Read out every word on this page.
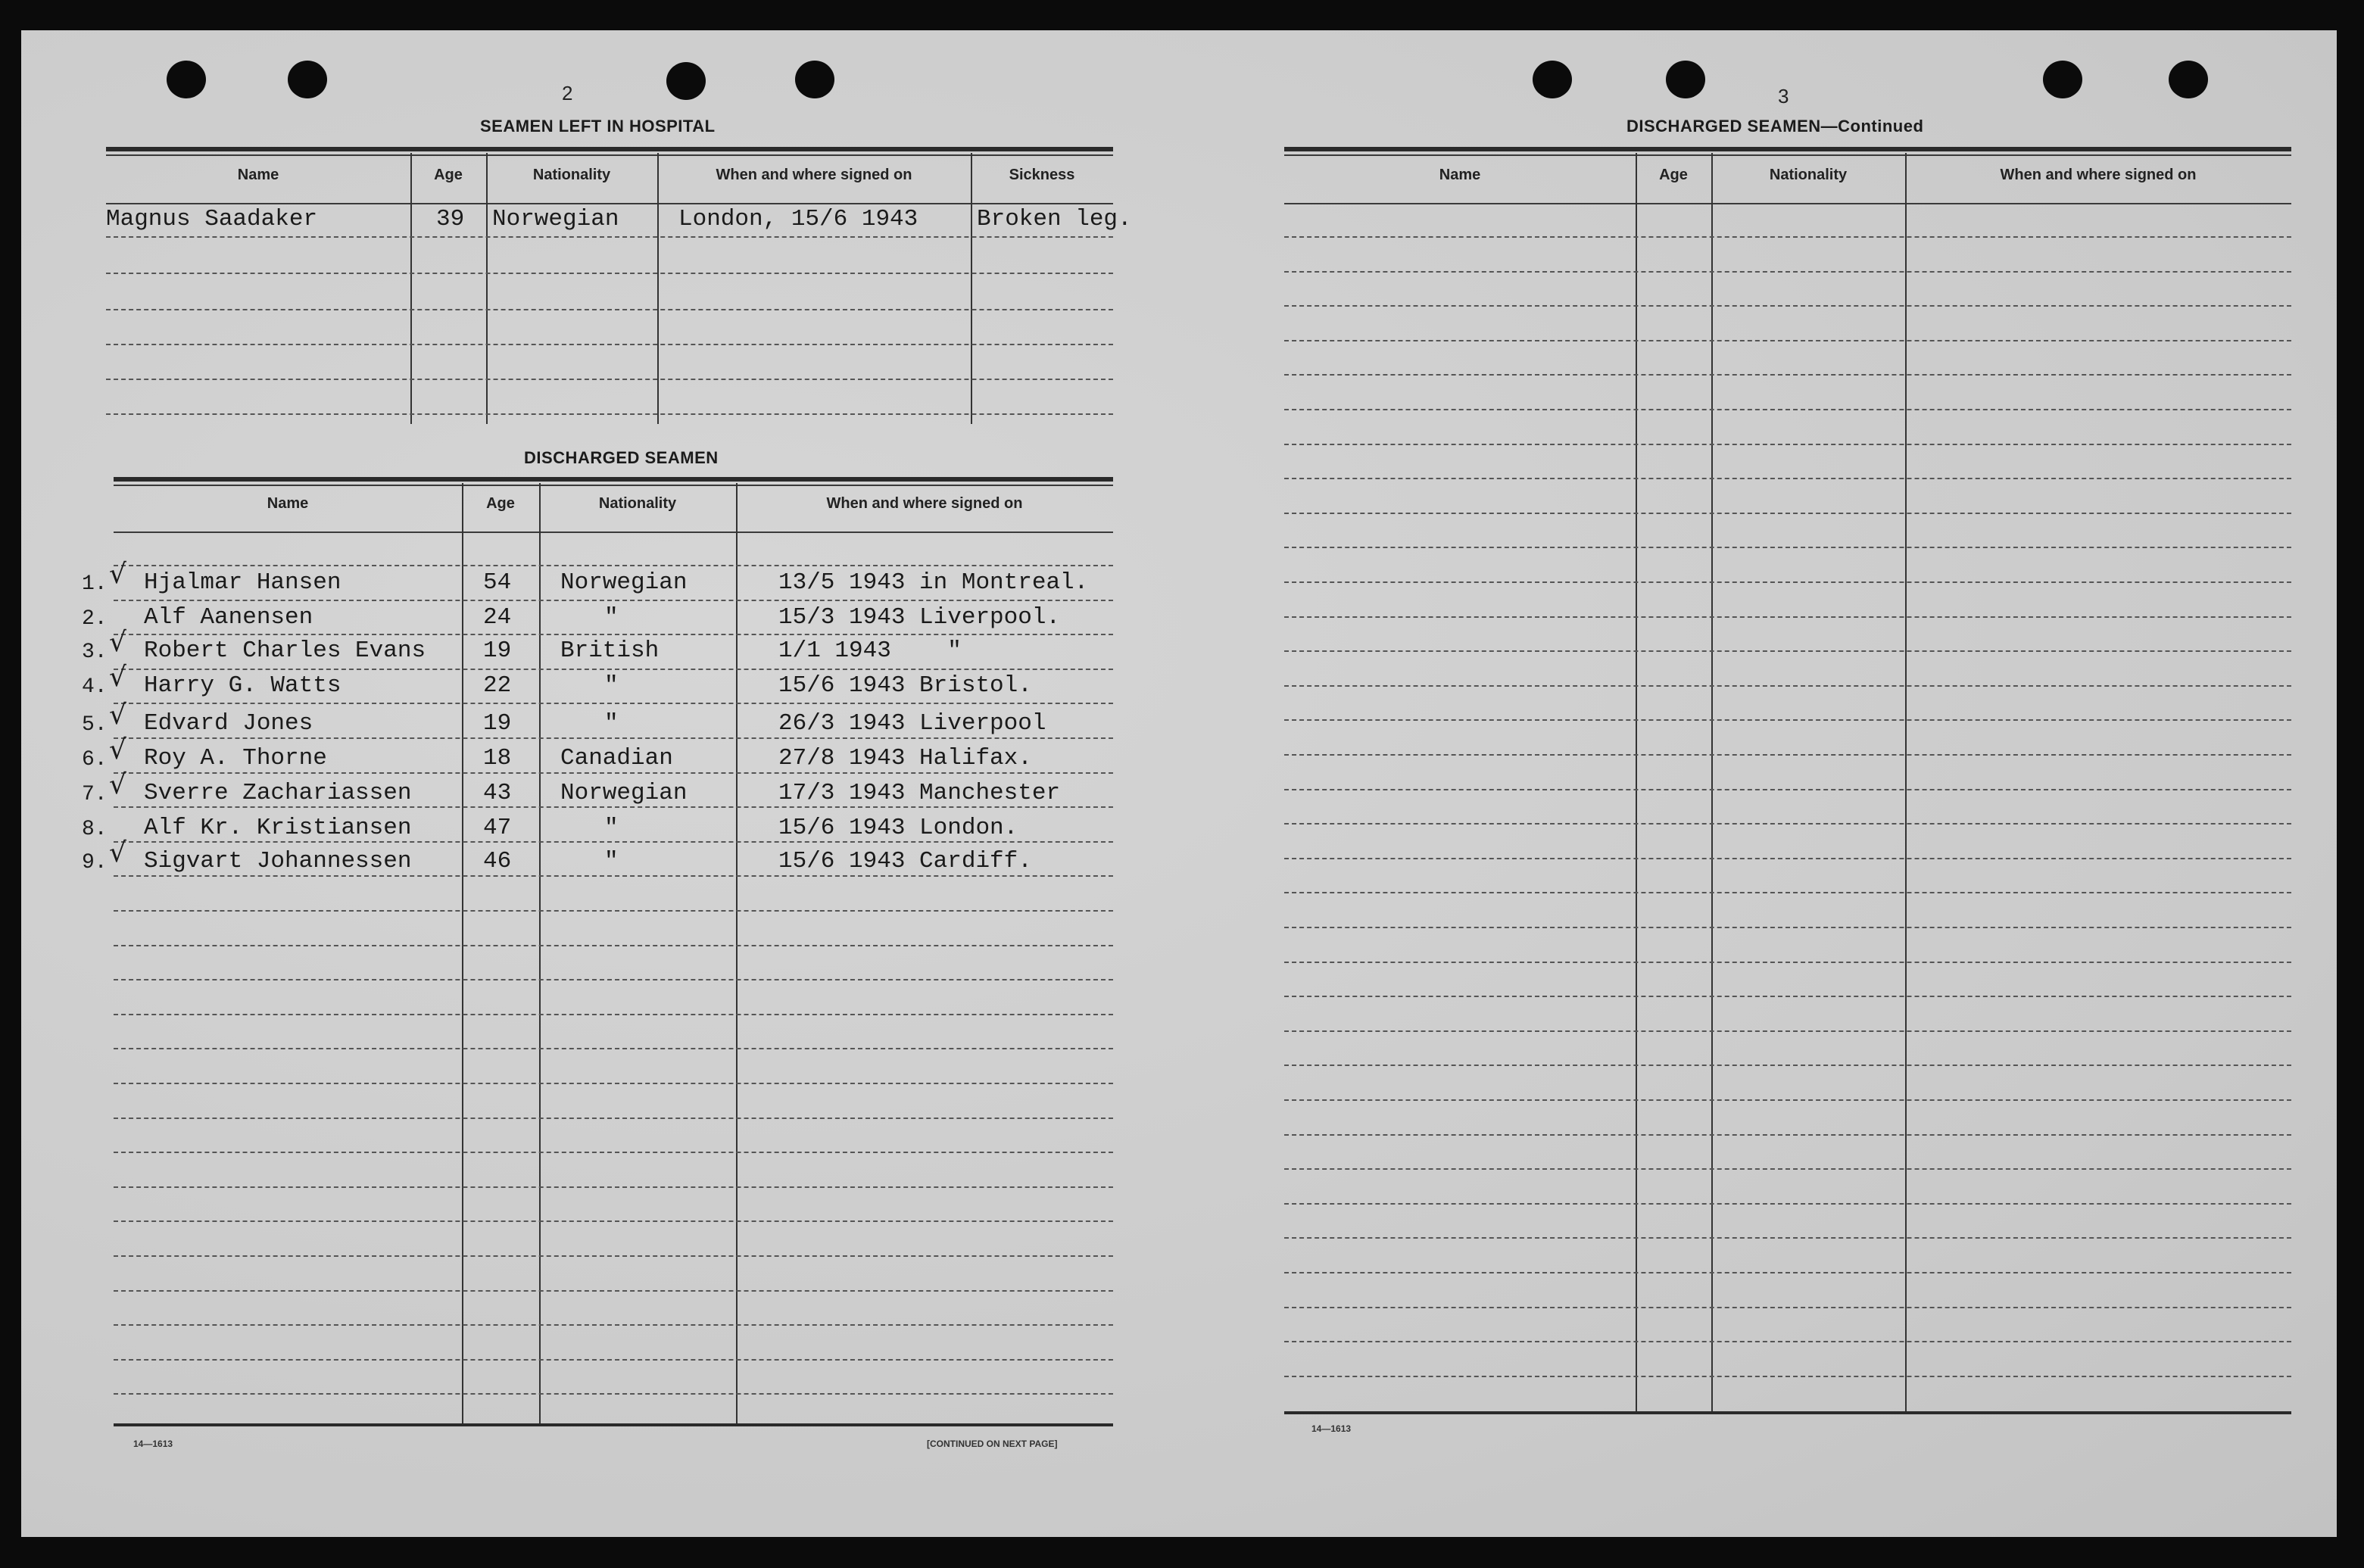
2
SEAMEN LEFT IN HOSPITAL
Name	Age	Nationality	When and where signed on	Sickness
Magnus Saadaker	39 Norwegian	London, 15/6 1943	Broken leg.
DISCHARGED SEAMEN
Name	Age	Nationality	When and where signed on
1. √ Hjalmar Hansen	54 Norwegian	13/5 1943 in Montreal.
2. Alf Aanensen	24	"	15/3 1943 Liverpool.
3. √ Robert Charles Evans 19 British	1/1 1943    "
4. √ Harry G. Watts	22	"	15/6 1943 Bristol.
5. √ Edvard Jones	19	"	26/3 1943 Liverpool
6. √ Roy A. Thorne	18 Canadian	27/8 1943 Halifax.
7. √ Sverre Zachariassen	43 Norwegian	17/3 1943 Manchester
8. Alf Kr. Kristiansen	47	"	15/6 1943 London.
9. √ Sigvart Johannessen	46	"	15/6 1943 Cardiff.
14—1613	[CONTINUED ON NEXT PAGE]
3
DISCHARGED SEAMEN—Continued
Name	Age	Nationality	When and where signed on
14—1613
